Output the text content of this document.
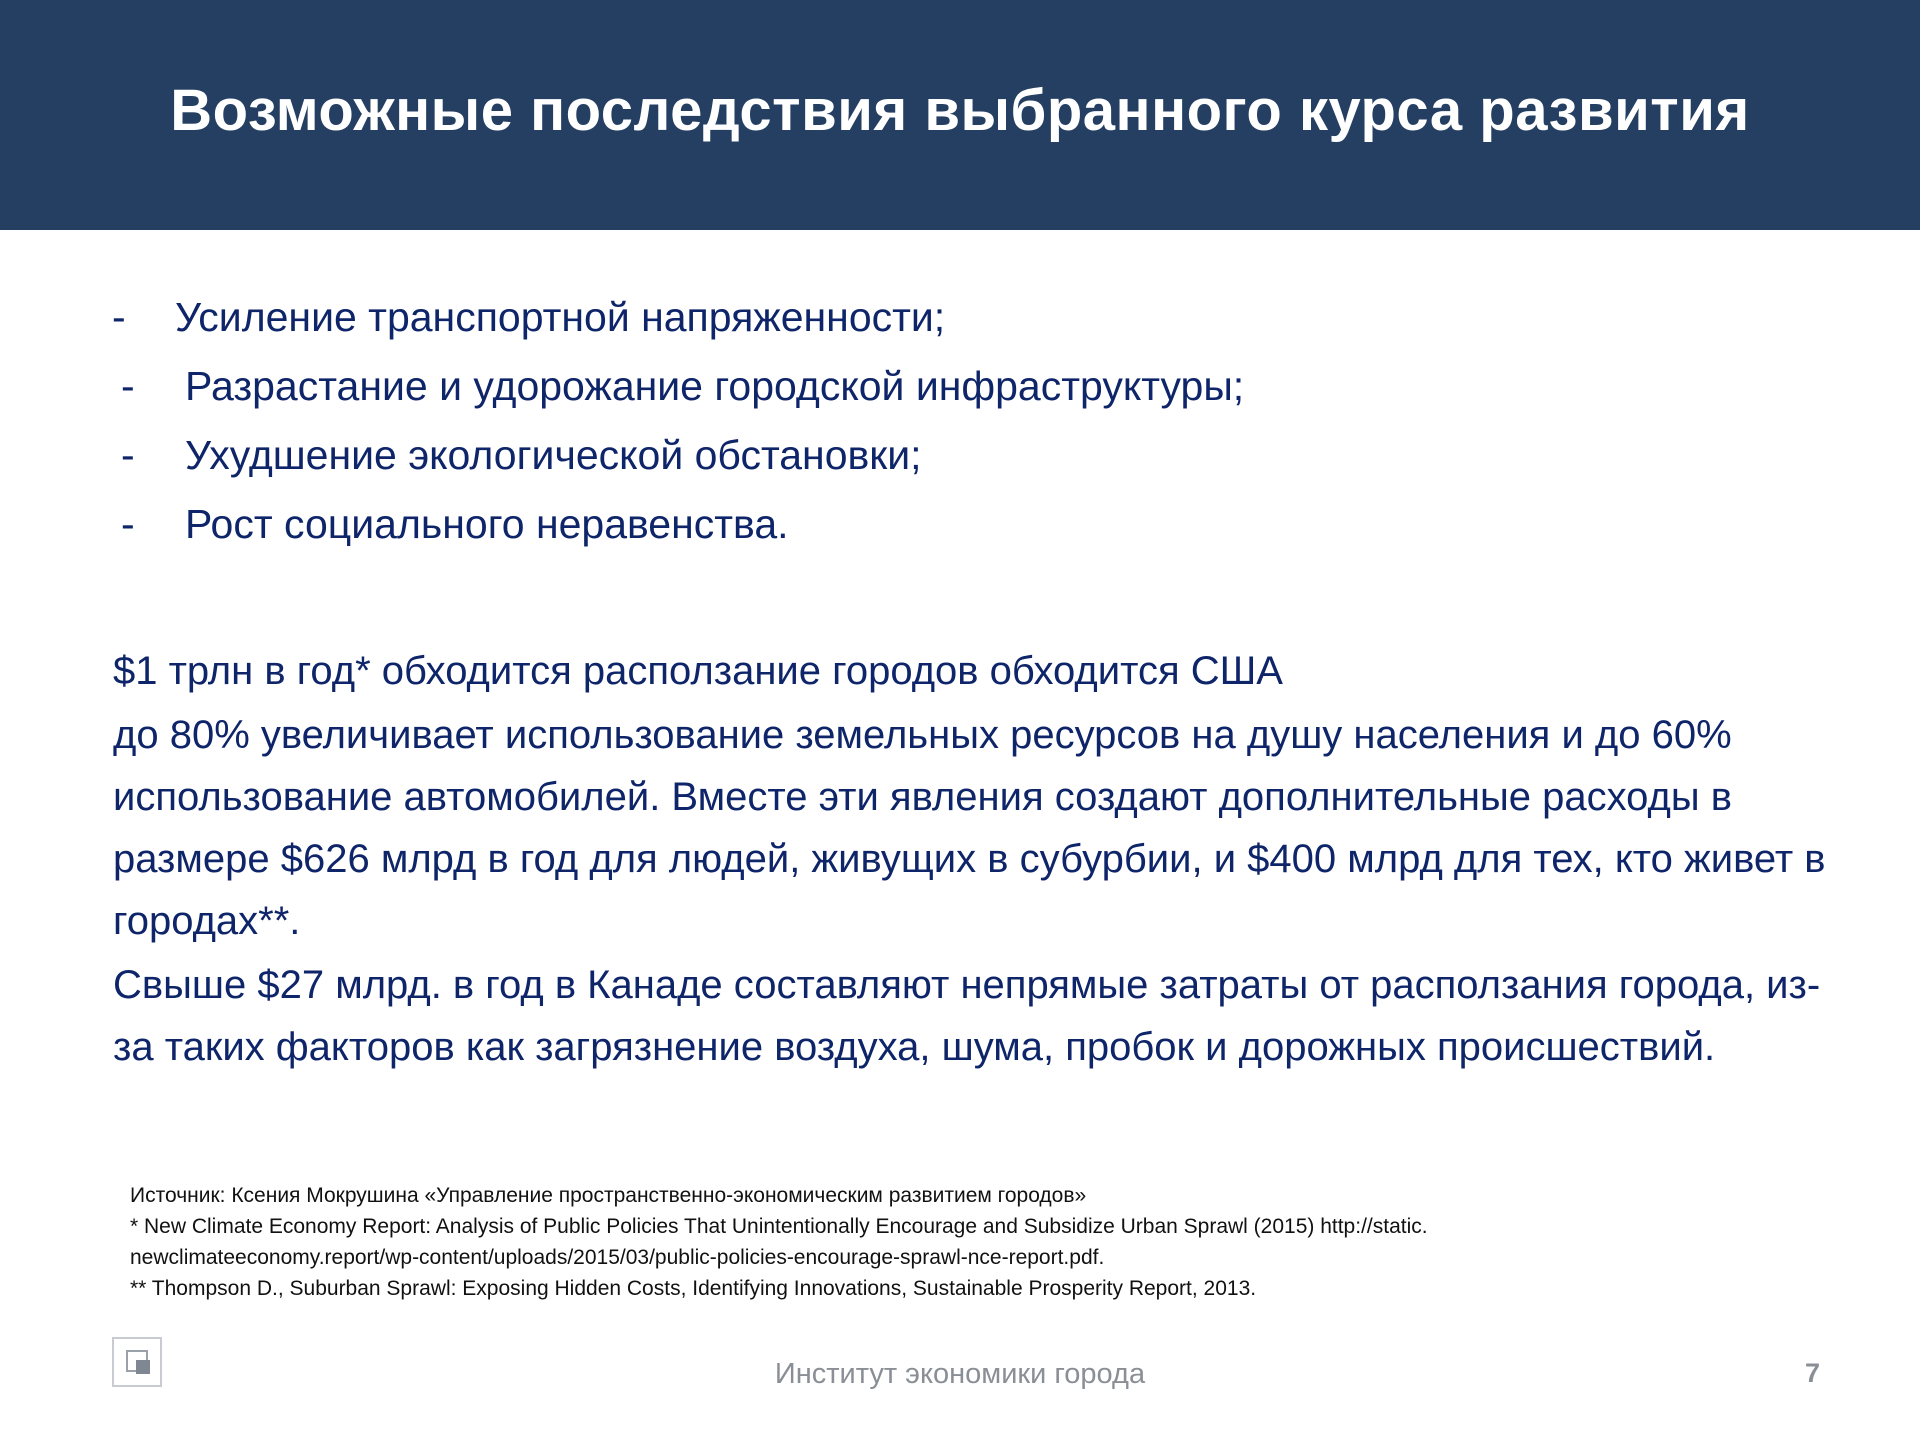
Возможные последствия выбранного курса развития
- Усиление транспортной напряженности;
- Разрастание и удорожание городской инфраструктуры;
- Ухудшение экологической обстановки;
- Рост социального неравенства.

$1 трлн в год* обходится расползание городов обходится США

до 80% увеличивает использование земельных ресурсов на душу населения и до 60% использование автомобилей. Вместе эти явления создают дополнительные расходы в размере $626 млрд в год для людей, живущих в субурбии, и $400 млрд для тех, кто живет в городах**.

Свыше $27 млрд. в год в Канаде составляют непрямые затраты от расползания города, из-за таких факторов как загрязнение воздуха, шума, пробок и дорожных происшествий.

Источник: Ксения Мокрушина «Управление пространственно-экономическим развитием городов»

* New Climate Economy Report: Analysis of Public Policies That Unintentionally Encourage and Subsidize Urban Sprawl (2015) http://static.

newclimateeconomy.report/wp-content/uploads/2015/03/public-policies-encourage-sprawl-nce-report.pdf.

** Thompson D., Suburban Sprawl: Exposing Hidden Costs, Identifying Innovations, Sustainable Prosperity Report, 2013.

Институт экономики города	7
